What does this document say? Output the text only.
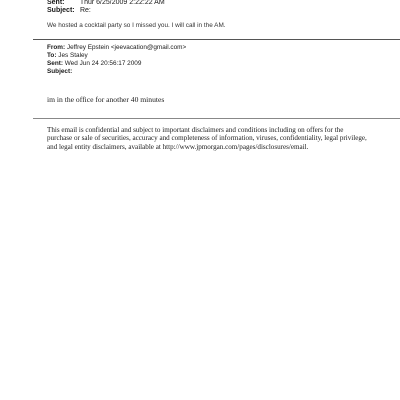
Sent: Thur 6/25/2009 2:22:22 AM
Subject: Re:
We hosted a cocktail party so I missed you. I will call in the AM.
From: Jeffrey Epstein <jeevacation@gmail.com>
To: Jes Staley
Sent: Wed Jun 24 20:56:17 2009
Subject:
im in the office for another 40 minutes
This email is confidential and subject to important disclaimers and conditions including on offers for the purchase or sale of securities, accuracy and completeness of information, viruses, confidentiality, legal privilege, and legal entity disclaimers, available at http://www.jpmorgan.com/pages/disclosures/email.
